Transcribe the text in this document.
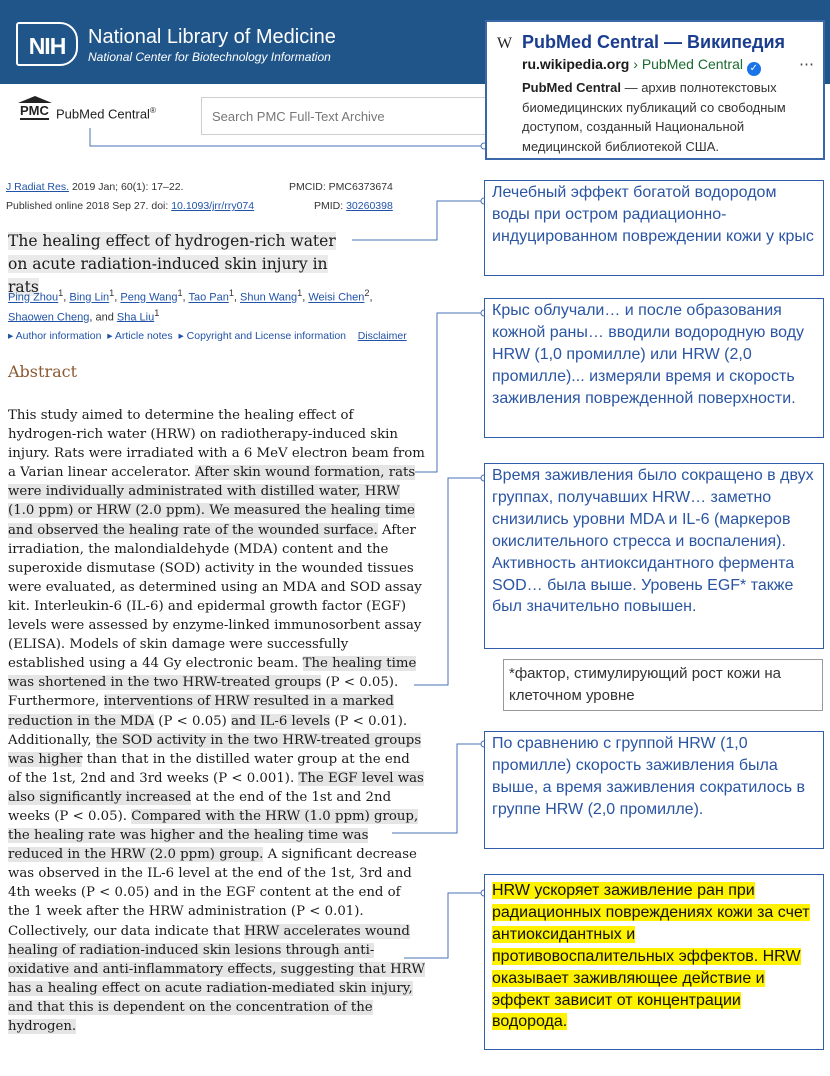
NIH	National Library of Medicine
National Center for Biotechnology Information
PMC PubMed Central®
Search PMC Full-Text Archive
W PubMed Central — Википедия
ru.wikipedia.org › PubMed Central ✓	⋯
PubMed Central — архив полнотекстовых биомедицинских публикаций со свободным доступом, созданный Национальной медицинской библиотекой США.
J Radiat Res. 2019 Jan; 60(1): 17–22.
Published online 2018 Sep 27. doi: 10.1093/jrr/rry074
PMCID: PMC6373674
PMID: 30260398
The healing effect of hydrogen-rich water on acute radiation-induced skin injury in rats
Ping Zhou$^1$, Bing Lin$^1$, Peng Wang$^1$, Tao Pan$^1$, Shun Wang$^1$, Weisi Chen$^2$,
Shaowen Cheng, and Sha Liu$^1$
▸ Author information  ▸ Article notes  ▸ Copyright and License information Disclaimer
Abstract
This study aimed to determine the healing effect of hydrogen-rich water (HRW) on radiotherapy-induced skin injury. Rats were irradiated with a 6 MeV electron beam from a Varian linear accelerator. After skin wound formation, rats were individually administrated with distilled water, HRW (1.0 ppm) or HRW (2.0 ppm). We measured the healing time and observed the healing rate of the wounded surface. After irradiation, the malondialdehyde (MDA) content and the superoxide dismutase (SOD) activity in the wounded tissues were evaluated, as determined using an MDA and SOD assay kit. Interleukin-6 (IL-6) and epidermal growth factor (EGF) levels were assessed by enzyme-linked immunosorbent assay (ELISA). Models of skin damage were successfully established using a 44 Gy electronic beam. The healing time was shortened in the two HRW-treated groups (P < 0.05). Furthermore, interventions of HRW resulted in a marked reduction in the MDA (P < 0.05) and IL-6 levels (P < 0.01). Additionally, the SOD activity in the two HRW-treated groups was higher than that in the distilled water group at the end of the 1st, 2nd and 3rd weeks (P < 0.001). The EGF level was also significantly increased at the end of the 1st and 2nd weeks (P < 0.05). Compared with the HRW (1.0 ppm) group, the healing rate was higher and the healing time was reduced in the HRW (2.0 ppm) group. A significant decrease was observed in the IL-6 level at the end of the 1st, 3rd and 4th weeks (P < 0.05) and in the EGF content at the end of the 1 week after the HRW administration (P < 0.01). Collectively, our data indicate that HRW accelerates wound healing of radiation-induced skin lesions through anti-oxidative and anti-inflammatory effects, suggesting that HRW has a healing effect on acute radiation-mediated skin injury, and that this is dependent on the concentration of the hydrogen.
Лечебный эффект богатой водородом воды при остром радиационно-индуцированном повреждении кожи у крыс
Крыс облучали… и после образования кожной раны… вводили водородную воду HRW (1,0 промилле) или HRW (2,0 промилле)... измеряли время и скорость заживления поврежденной поверхности.
Время заживления было сокращено в двух группах, получавших HRW… заметно снизились уровни MDA и IL-6 (маркеров окислительного стресса и воспаления). Активность антиоксидантного фермента SOD… была выше. Уровень EGF* также был значительно повышен.
*фактор, стимулирующий рост кожи на клеточном уровне
По сравнению с группой HRW (1,0 промилле) скорость заживления была выше, а время заживления сократилось в группе HRW (2,0 промилле).
HRW ускоряет заживление ран при радиационных повреждениях кожи за счет антиоксидантных и противовоспалительных эффектов. HRW оказывает заживляющее действие и эффект зависит от концентрации водорода.
